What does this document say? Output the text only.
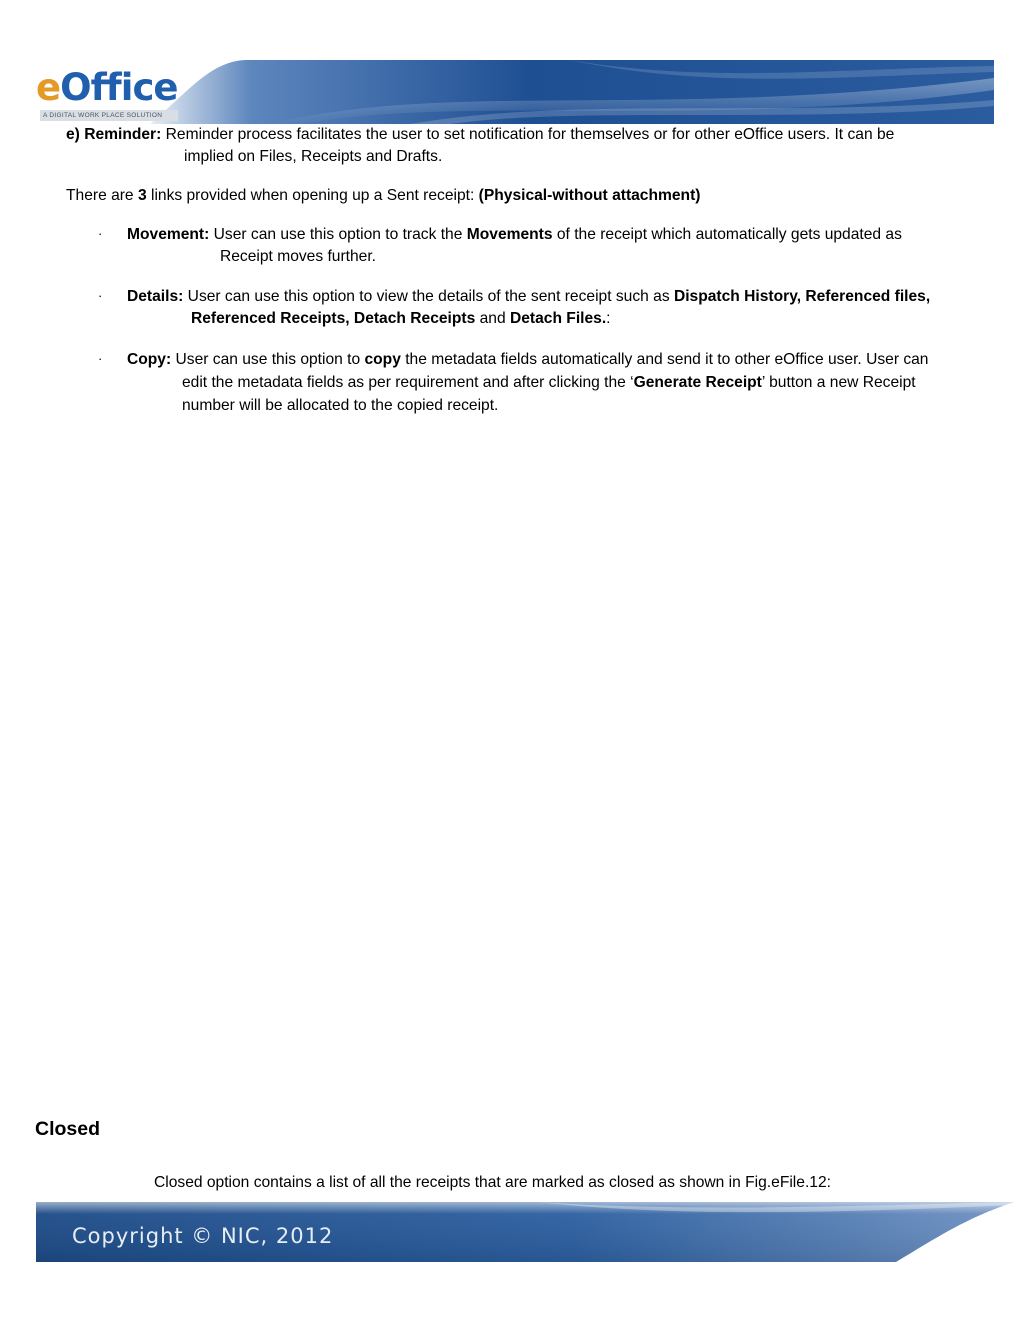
eOffice
A DIGITAL WORK PLACE SOLUTION
e) Reminder: Reminder process facilitates the user to set notification for themselves or for other eOffice users. It can be
implied on Files, Receipts and Drafts.
There are 3 links provided when opening up a Sent receipt: (Physical-without attachment)
· Movement: User can use this option to track the Movements of the receipt which automatically gets updated as
Receipt moves further.
· Details: User can use this option to view the details of the sent receipt such as Dispatch History, Referenced files,
Referenced Receipts, Detach Receipts and Detach Files.:
· Copy: User can use this option to copy the metadata fields automatically and send it to other eOffice user. User can
edit the metadata fields as per requirement and after clicking the ‘Generate Receipt’ button a new Receipt
number will be allocated to the copied receipt.
Closed
Closed option contains a list of all the receipts that are marked as closed as shown in Fig.eFile.12:
Copyright © NIC, 2012
